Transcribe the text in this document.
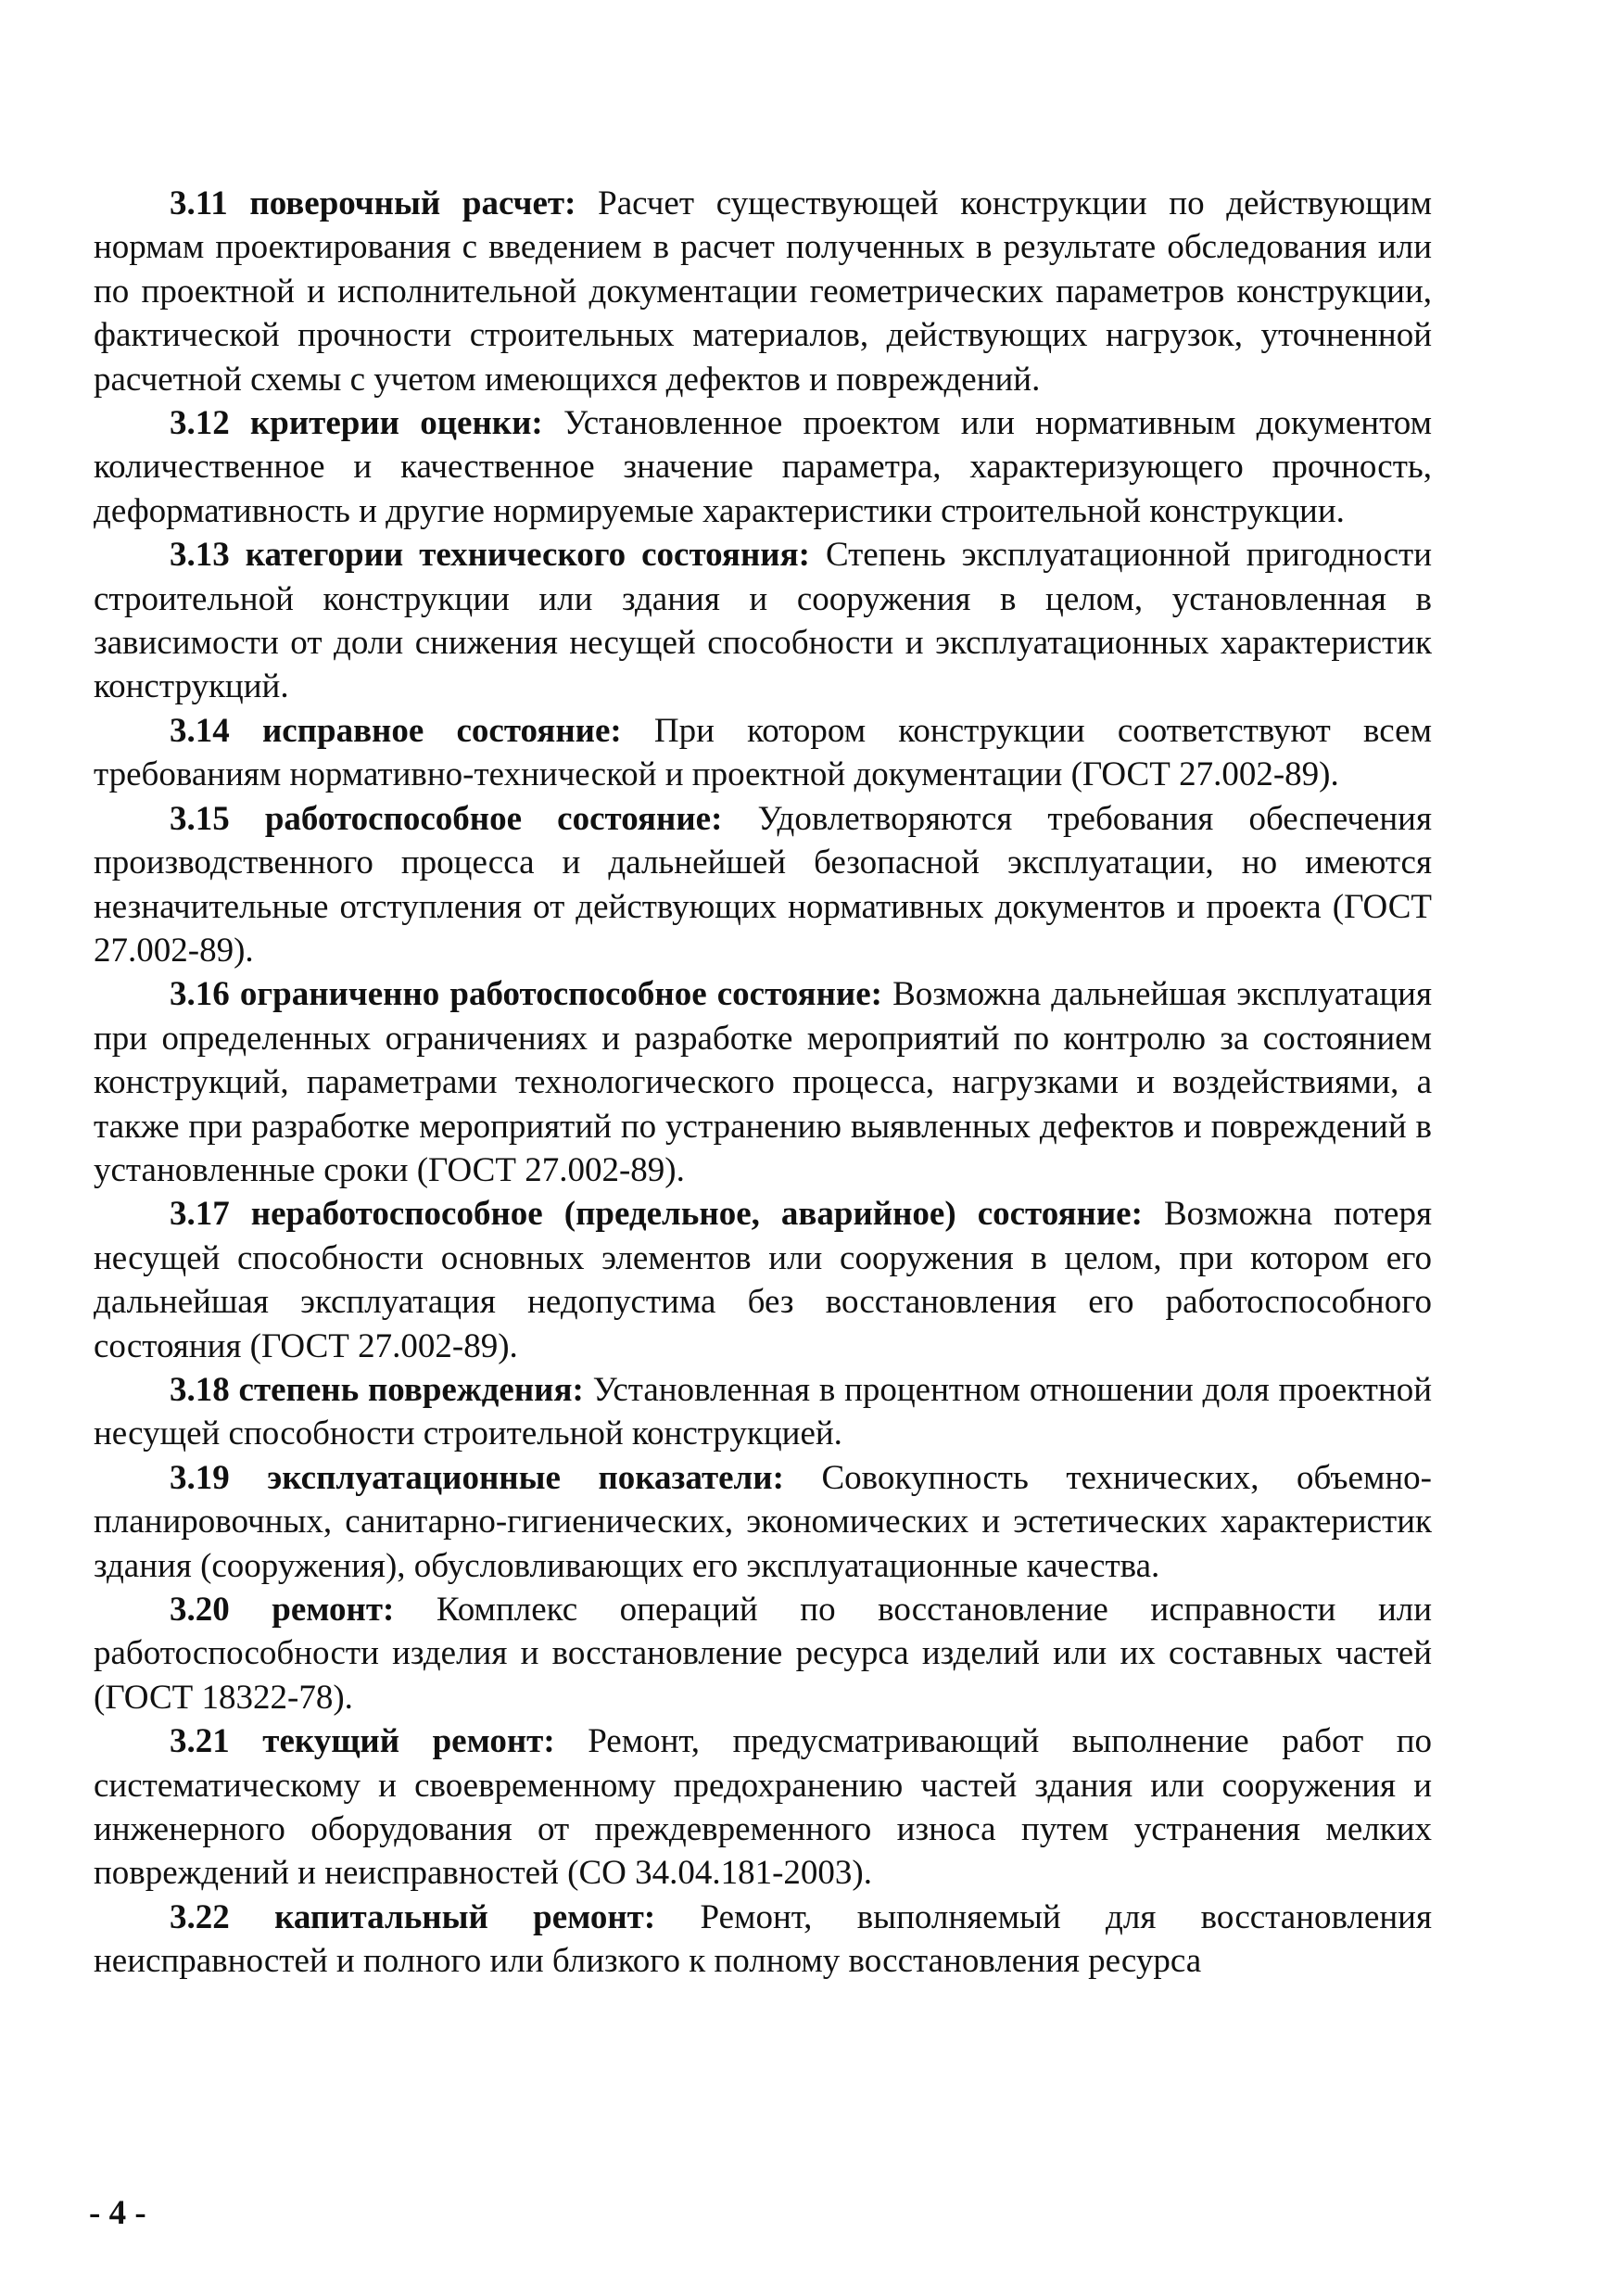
3.11 поверочный расчет: Расчет существующей конструкции по действующим нормам проектирования с введением в расчет полученных в результате обследования или по проектной и исполнительной документации геометрических параметров конструкции, фактической прочности строительных материалов, действующих нагрузок, уточненной расчетной схемы с учетом имеющихся дефектов и повреждений.

3.12 критерии оценки: Установленное проектом или нормативным документом количественное и качественное значение параметра, характеризующего прочность, деформативность и другие нормируемые характеристики строительной конструкции.

3.13 категории технического состояния: Степень эксплуатационной пригодности строительной конструкции или здания и сооружения в целом, установленная в зависимости от доли снижения несущей способности и эксплуатационных характеристик конструкций.

3.14 исправное состояние: При котором конструкции соответствуют всем требованиям нормативно-технической и проектной документации (ГОСТ 27.002-89).

3.15 работоспособное состояние: Удовлетворяются требования обеспечения производственного процесса и дальнейшей безопасной эксплуатации, но имеются незначительные отступления от действующих нормативных документов и проекта (ГОСТ 27.002-89).

3.16 ограниченно работоспособное состояние: Возможна дальнейшая эксплуатация при определенных ограничениях и разработке мероприятий по контролю за состоянием конструкций, параметрами технологического процесса, нагрузками и воздействиями, а также при разработке мероприятий по устранению выявленных дефектов и повреждений в установленные сроки (ГОСТ 27.002-89).

3.17 неработоспособное (предельное, аварийное) состояние: Возможна потеря несущей способности основных элементов или сооружения в целом, при котором его дальнейшая эксплуатация недопустима без восстановления его работоспособного состояния (ГОСТ 27.002-89).

3.18 степень повреждения: Установленная в процентном отношении доля проектной несущей способности строительной конструкцией.

3.19 эксплуатационные показатели: Совокупность технических, объемно-планировочных, санитарно-гигиенических, экономических и эстетических характеристик здания (сооружения), обусловливающих его эксплуатационные качества.

3.20 ремонт: Комплекс операций по восстановление исправности или работоспособности изделия и восстановление ресурса изделий или их составных частей (ГОСТ 18322-78).

3.21 текущий ремонт: Ремонт, предусматривающий выполнение работ по систематическому и своевременному предохранению частей здания или сооружения и инженерного оборудования от преждевременного износа путем устранения мелких повреждений и неисправностей (СО 34.04.181-2003).

3.22 капитальный ремонт: Ремонт, выполняемый для восстановления неисправностей и полного или близкого к полному восстановления ресурса

- 4 -
